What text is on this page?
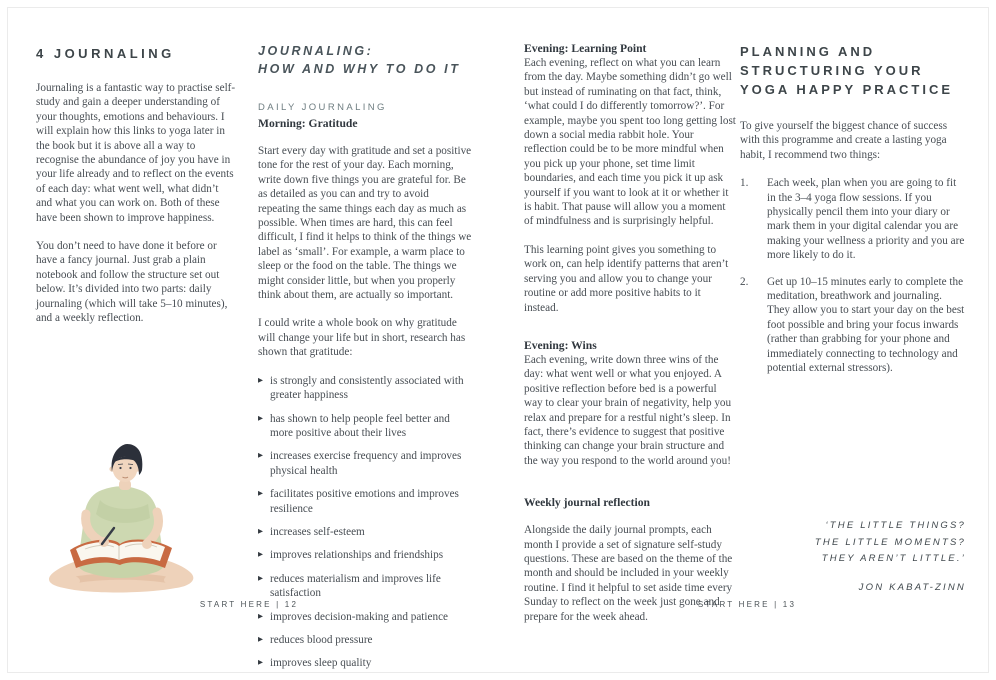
4 JOURNALING

Journaling is a fantastic way to practise self-study and gain a deeper understanding of your thoughts, emotions and behaviours. I will explain how this links to yoga later in the book but it is above all a way to recognise the abundance of joy you have in your life already and to reflect on the events of each day: what went well, what didn’t and what you can work on. Both of these have been shown to improve happiness.

You don’t need to have done it before or have a fancy journal. Just grab a plain notebook and follow the structure set out below. It’s divided into two parts: daily journaling (which will take 5–10 minutes), and a weekly reflection.

START HERE | 12
JOURNALING:
HOW AND WHY TO DO IT
DAILY JOURNALING
Morning: Gratitude

Start every day with gratitude and set a positive tone for the rest of your day. Each morning, write down five things you are grateful for. Be as detailed as you can and try to avoid repeating the same things each day as much as possible. When times are hard, this can feel difficult, I find it helps to think of the things we label as ‘small’. For example, a warm place to sleep or the food on the table. The things we might consider little, but when you properly think about them, are actually so important.

I could write a whole book on why gratitude will change your life but in short, research has shown that gratitude:

▶ is strongly and consistently associated with greater happiness
▶ has shown to help people feel better and more positive about their lives
▶ increases exercise frequency and improves physical health
▶ facilitates positive emotions and improves resilience
▶ increases self-esteem
▶ improves relationships and friendships
▶ reduces materialism and improves life satisfaction
▶ improves decision-making and patience
▶ reduces blood pressure
▶ improves sleep quality
Evening: Learning Point

Each evening, reflect on what you can learn from the day. Maybe something didn’t go well but instead of ruminating on that fact, think, ‘what could I do differently tomorrow?’. For example, maybe you spent too long getting lost down a social media rabbit hole. Your reflection could be to be more mindful when you pick up your phone, set time limit boundaries, and each time you pick it up ask yourself if you want to look at it or whether it is habit. That pause will allow you a moment of mindfulness and is surprisingly helpful.

This learning point gives you something to work on, can help identify patterns that aren’t serving you and allow you to change your routine or add more positive habits to it instead.

Evening: Wins

Each evening, write down three wins of the day: what went well or what you enjoyed. A positive reflection before bed is a powerful way to clear your brain of negativity, help you relax and prepare for a restful night’s sleep. In fact, there’s evidence to suggest that positive thinking can change your brain structure and the way you respond to the world around you!

Weekly journal reflection

Alongside the daily journal prompts, each month I provide a set of signature self-study questions. These are based on the theme of the month and should be included in your weekly routine. I find it helpful to set aside time every Sunday to reflect on the week just gone and prepare for the week ahead.

PLANNING AND STRUCTURING YOUR YOGA HAPPY PRACTICE

To give yourself the biggest chance of success with this programme and create a lasting yoga habit, I recommend two things:

1.	Each week, plan when you are going to fit in the 3–4 yoga flow sessions. If you physically pencil them into your diary or mark them in your digital calendar you are making your wellness a priority and you are more likely to do it.
2.	Get up 10–15 minutes early to complete the meditation, breathwork and journaling. They allow you to start your day on the best foot possible and bring your focus inwards (rather than grabbing for your phone and immediately connecting to technology and potential external stressors).
‘THE LITTLE THINGS?
THE LITTLE MOMENTS?
THEY AREN’T LITTLE.’
JON KABAT-ZINN
START HERE | 13
